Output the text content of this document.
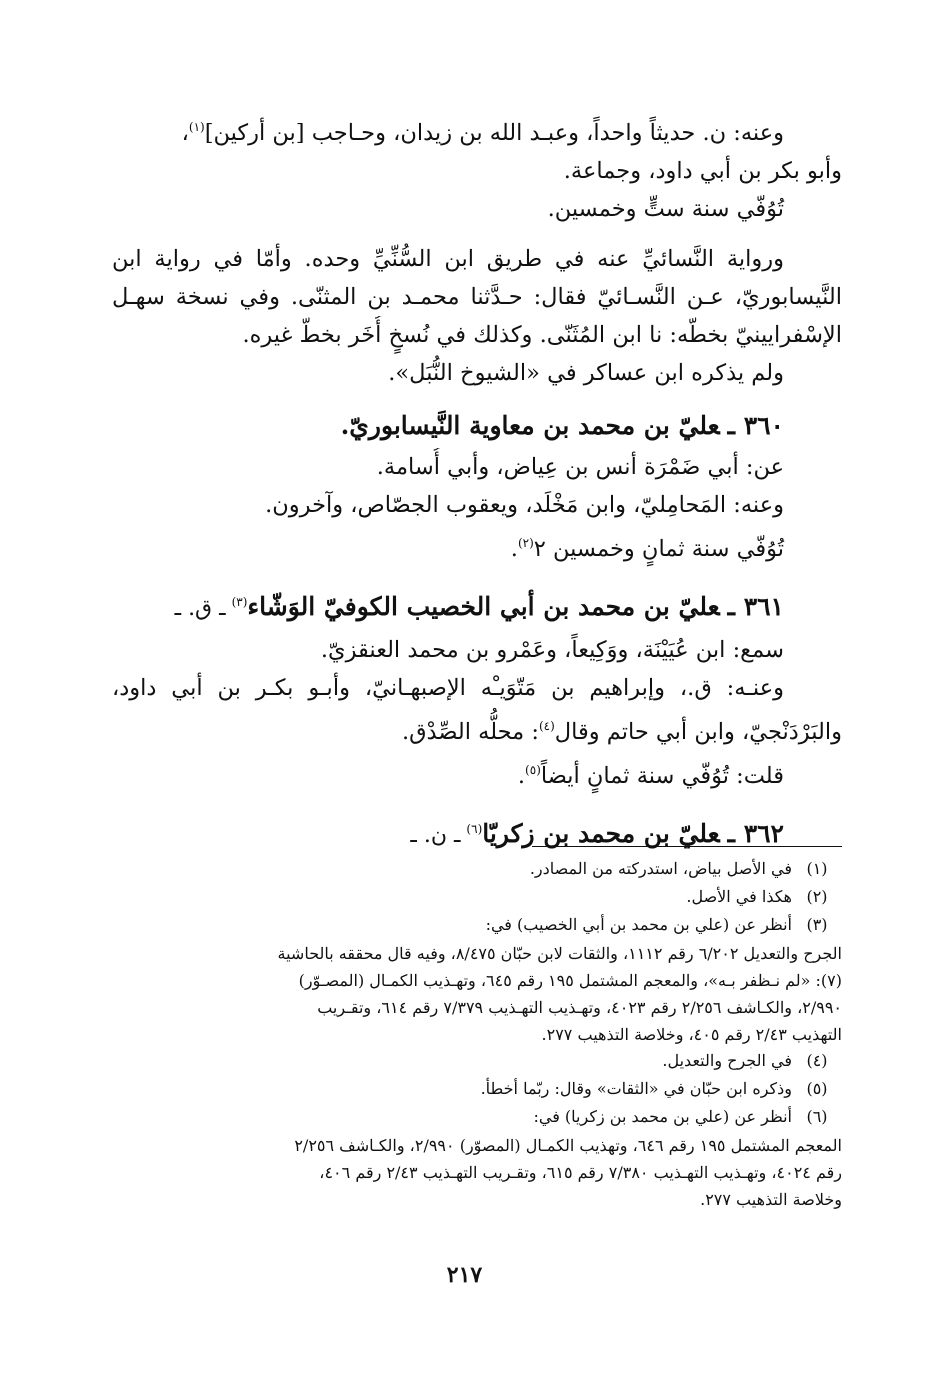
وعنه: ن. حديثاً واحداً، وعبـد الله بن زيدان، وحـاجب [بن أركين]$^{(١)}$،
وأبو بكر بن أبي داود، وجماعة.
تُوُفّي سنة ستٍّ وخمسين.
ورواية النَّسائيِّ عنه في طريق ابن السُّنِّيِّ وحده. وأمّا في رواية ابن
النَّيسابوريّ، عـن النَّسـائيّ فقال: حـدَّثنا محمـد بن المثنّى. وفي نسخة سهـل
الإسْفرايينيّ بخطّه: نا ابن المُثَنّى. وكذلك في نُسخٍ أُخَر بخطّ غيره.
ولم يذكره ابن عساكر في «الشيوخ النُّبَل».
٣٦٠ ـعليّ بن محمد بن معاوية النَّيسابوريّ.
عن: أبي ضَمْرَة أنس بن عِياض، وأبي أُسامة.
وعنه: المَحامِليّ، وابن مَخْلَد، ويعقوب الجصّاص، وآخرون.
تُوُفّي سنة ثمانٍ وخمسين ٢$^{(٢)}$.
٣٦١ ـعليّ بن محمد بن أبي الخصيب الكوفيّ الوَشّاء$^{(٣)}$ـ ق. ـ
سمع: ابن عُيَيْنَة، ووَكِيعاً، وعَمْرو بن محمد العنقزيّ.
وعنـه: ق.، وإبراهيم بن مَتّوَيـْه الإصبهـانيّ، وأبـو بكـر بن أبي داود،
والبَرْدَنْجيّ، وابن أبي حاتم وقال$^{(٤)}$: محلُّه الصِّدْق.
قلت: تُوُفّي سنة ثمانٍ أيضاً$^{(٥)}$.
٣٦٢ ـعليّ بن محمد بن زكريّا$^{(٦)}$ـ ن. ـ
(١)
في الأصل بياض، استدركته من المصادر.
(٢)
هكذا في الأصل.
(٣)
أنظر عن (علي بن محمد بن أبي الخصيب) في:
الجرح والتعديل ٦/٢٠٢ رقم ١١١٢، والثقات لابن حبّان ٨/٤٧٥، وفيه قال محققه بالحاشية
(٧): «لم نـظفر بـه»، والمعجم المشتمل ١٩٥ رقم ٦٤٥، وتهـذيب الكمـال (المصـوّر)
٢/٩٩٠، والكـاشف ٢/٢٥٦ رقم ٤٠٢٣، وتهـذيب التهـذيب ٧/٣٧٩ رقم ٦١٤، وتقـريب
التهذيب ٢/٤٣ رقم ٤٠٥، وخلاصة التذهيب ٢٧٧.
(٤)
في الجرح والتعديل.
(٥)
وذكره ابن حبّان في «الثقات» وقال: ربّما أخطأ.
(٦)
أنظر عن (علي بن محمد بن زكريا) في:
المعجم المشتمل ١٩٥ رقم ٦٤٦، وتهذيب الكمـال (المصوّر) ٢/٩٩٠، والكـاشف ٢/٢٥٦
رقم ٤٠٢٤، وتهـذيب التهـذيب ٧/٣٨٠ رقم ٦١٥، وتقـريب التهـذيب ٢/٤٣ رقم ٤٠٦،
وخلاصة التذهيب ٢٧٧.
٢١٧
